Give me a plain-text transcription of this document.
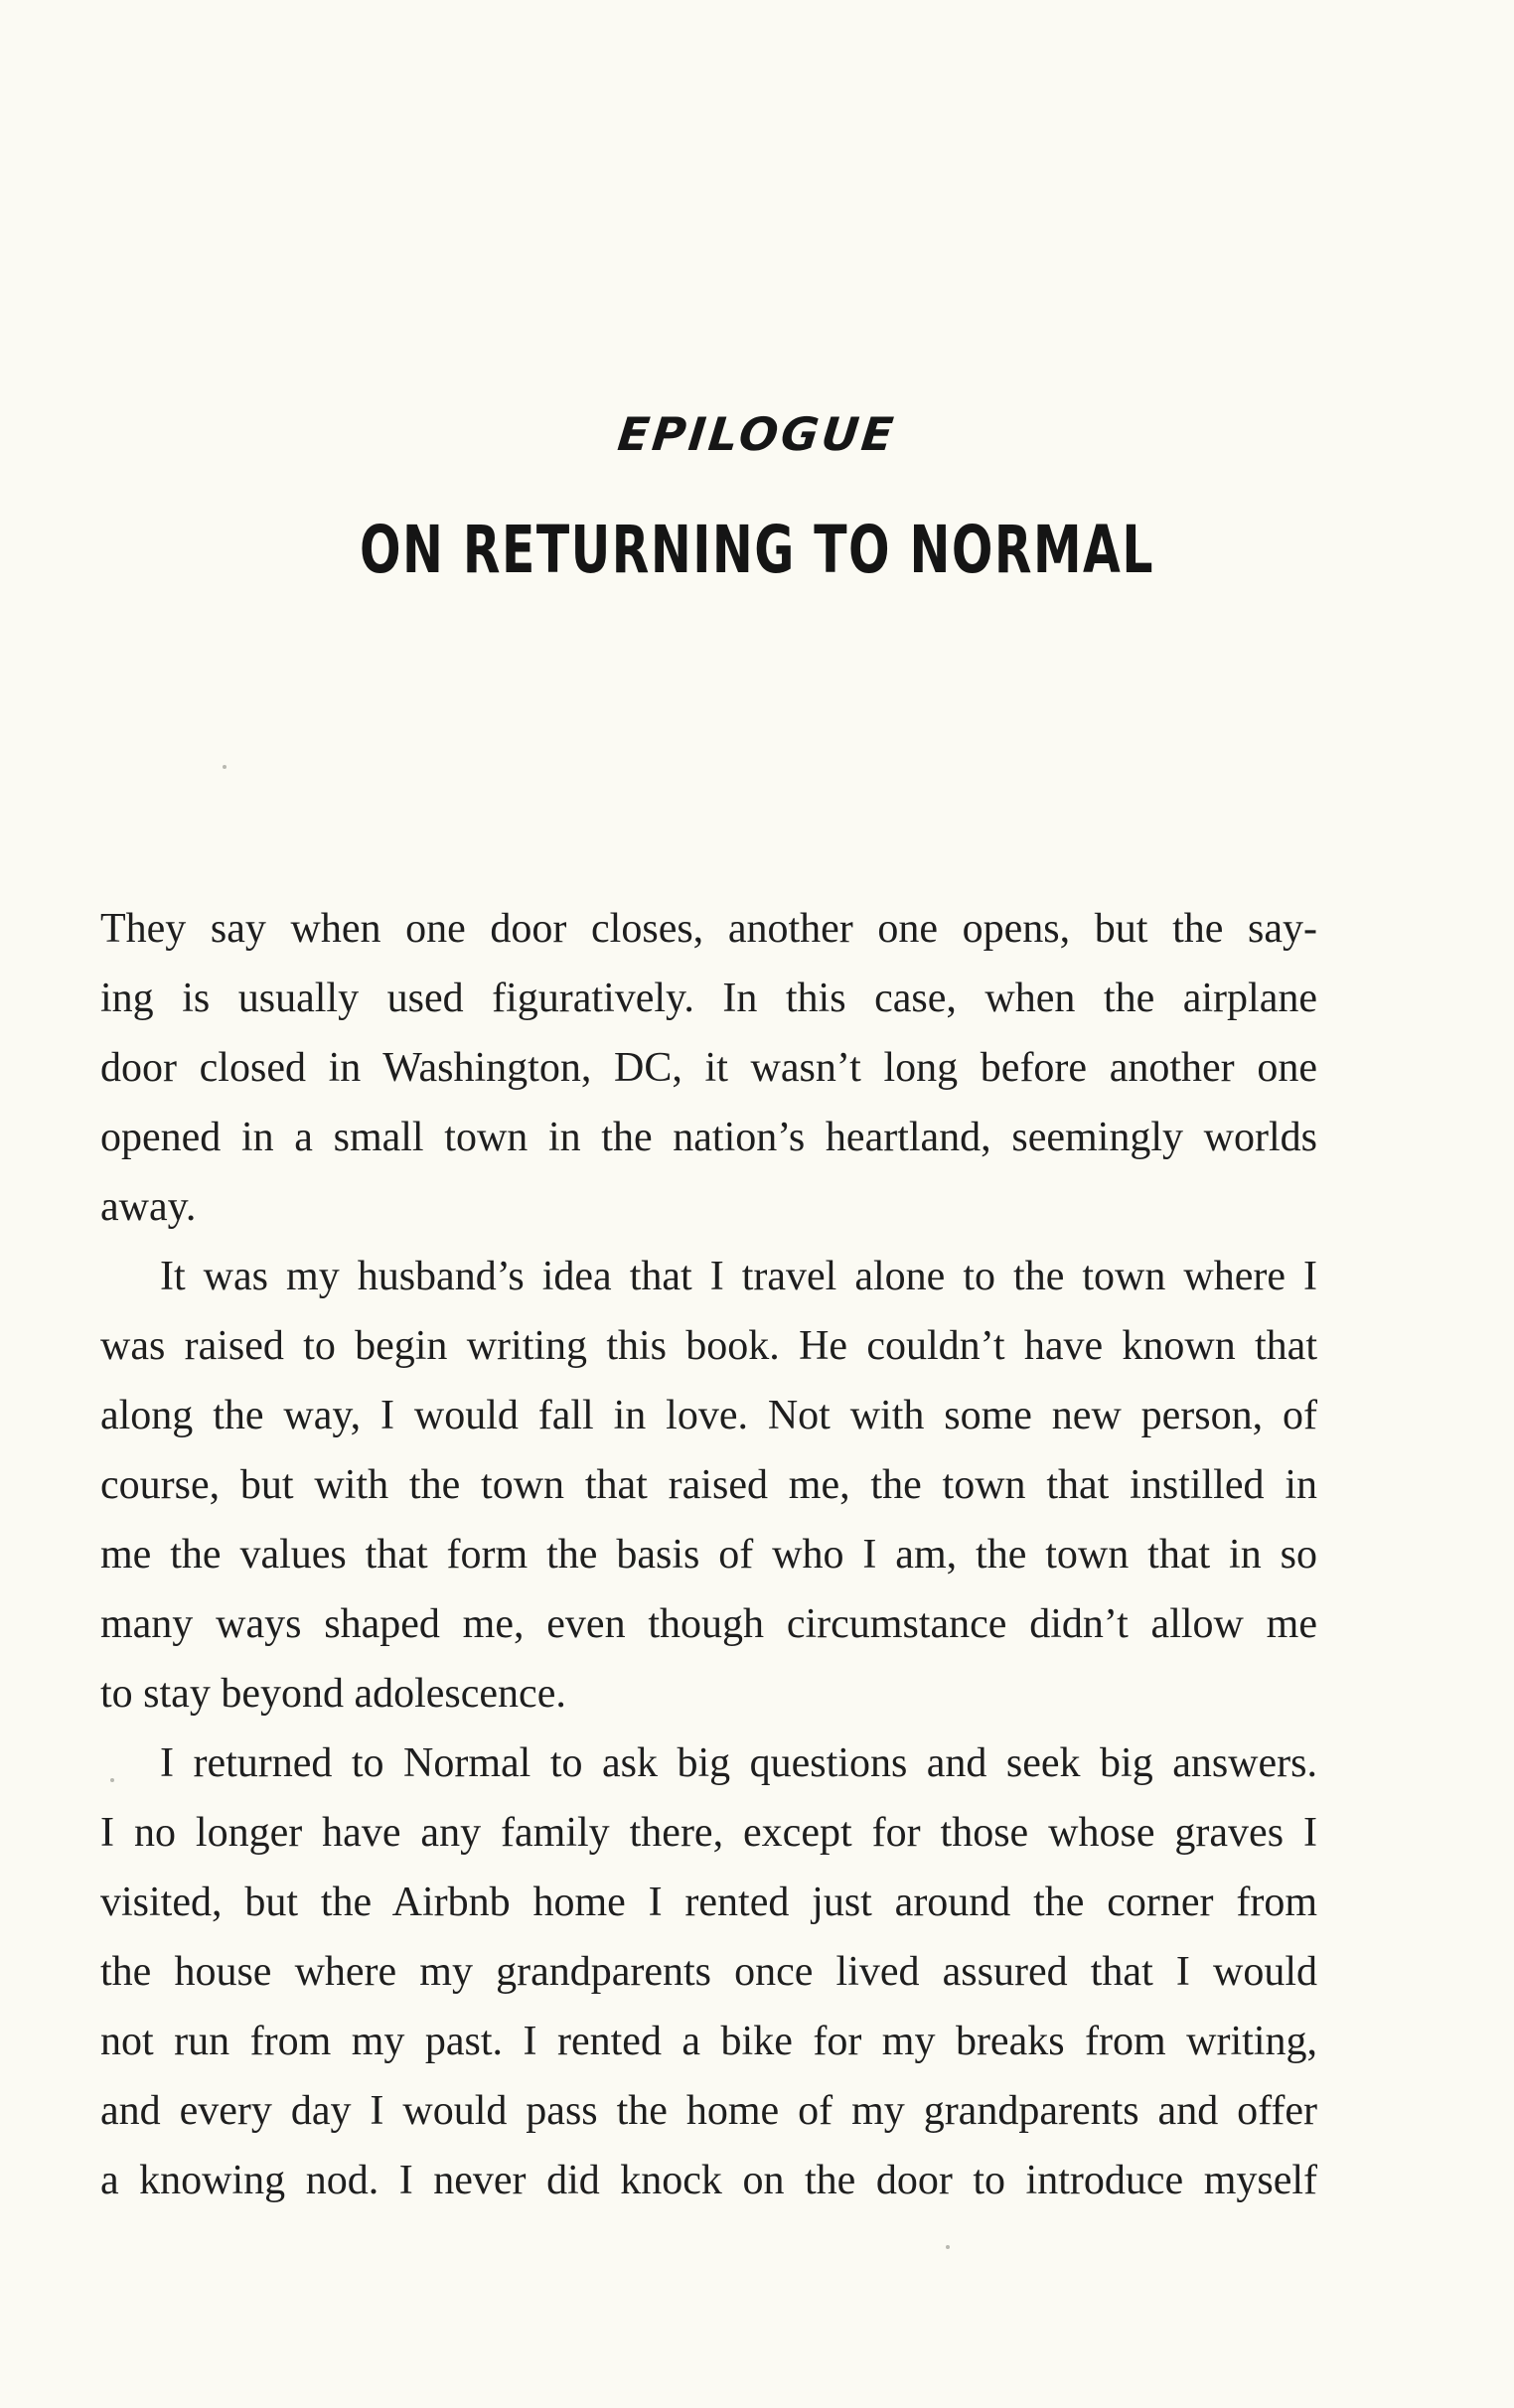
EPILOGUE
ON RETURNING TO NORMAL
They say when one door closes, another one opens, but the say-
ing is usually used figuratively. In this case, when the airplane
door closed in Washington, DC, it wasn’t long before another one
opened in a small town in the nation’s heartland, seemingly worlds
away.
It was my husband’s idea that I travel alone to the town where I
was raised to begin writing this book. He couldn’t have known that
along the way, I would fall in love. Not with some new person, of
course, but with the town that raised me, the town that instilled in
me the values that form the basis of who I am, the town that in so
many ways shaped me, even though circumstance didn’t allow me
to stay beyond adolescence.
I returned to Normal to ask big questions and seek big answers.
I no longer have any family there, except for those whose graves I
visited, but the Airbnb home I rented just around the corner from
the house where my grandparents once lived assured that I would
not run from my past. I rented a bike for my breaks from writing,
and every day I would pass the home of my grandparents and offer
a knowing nod. I never did knock on the door to introduce myself
